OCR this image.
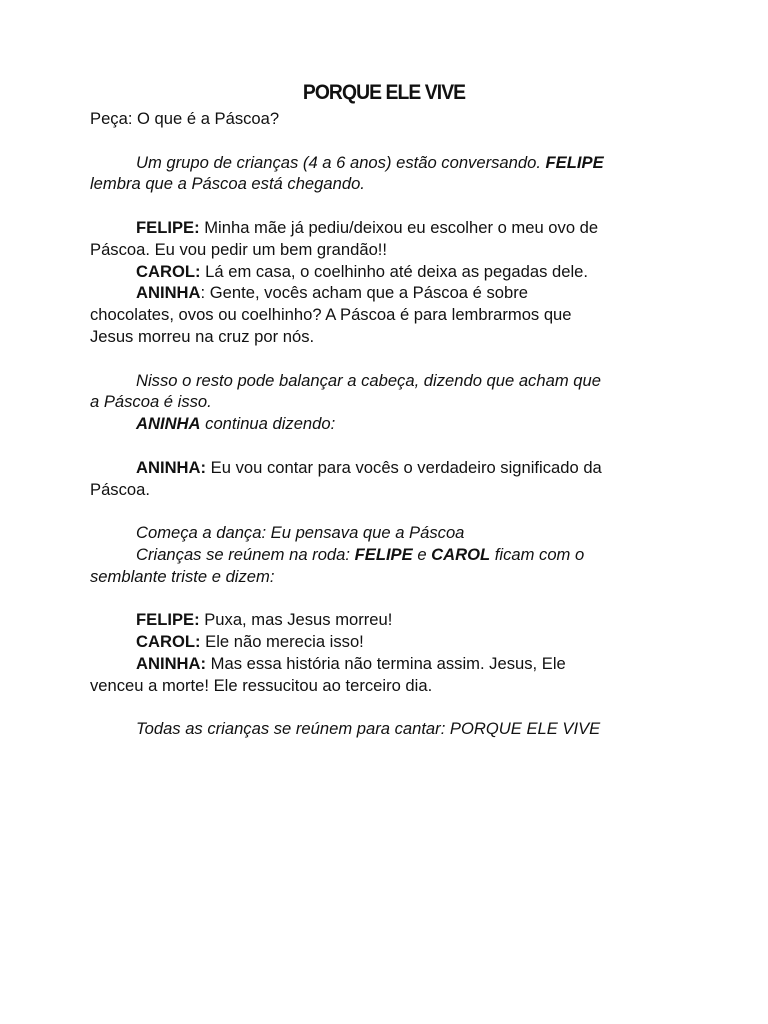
PORQUE ELE VIVE

Peça: O que é a Páscoa?

Um grupo de crianças (4 a 6 anos) estão conversando. FELIPE

lembra que a Páscoa está chegando.

FELIPE: Minha mãe já pediu/deixou eu escolher o meu ovo de

Páscoa. Eu vou pedir um bem grandão!!

CAROL: Lá em casa, o coelhinho até deixa as pegadas dele.

ANINHA: Gente, vocês acham que a Páscoa é sobre

chocolates, ovos ou coelhinho? A Páscoa é para lembrarmos que

Jesus morreu na cruz por nós.

Nisso o resto pode balançar a cabeça, dizendo que acham que

a Páscoa é isso.

ANINHA continua dizendo:

ANINHA: Eu vou contar para vocês o verdadeiro significado da

Páscoa.

Começa a dança: Eu pensava que a Páscoa

Crianças se reúnem na roda: FELIPE e CAROL ficam com o

semblante triste e dizem:

FELIPE: Puxa, mas Jesus morreu!

CAROL: Ele não merecia isso!

ANINHA: Mas essa história não termina assim. Jesus, Ele

venceu a morte! Ele ressucitou ao terceiro dia.

Todas as crianças se reúnem para cantar: PORQUE ELE VIVE
